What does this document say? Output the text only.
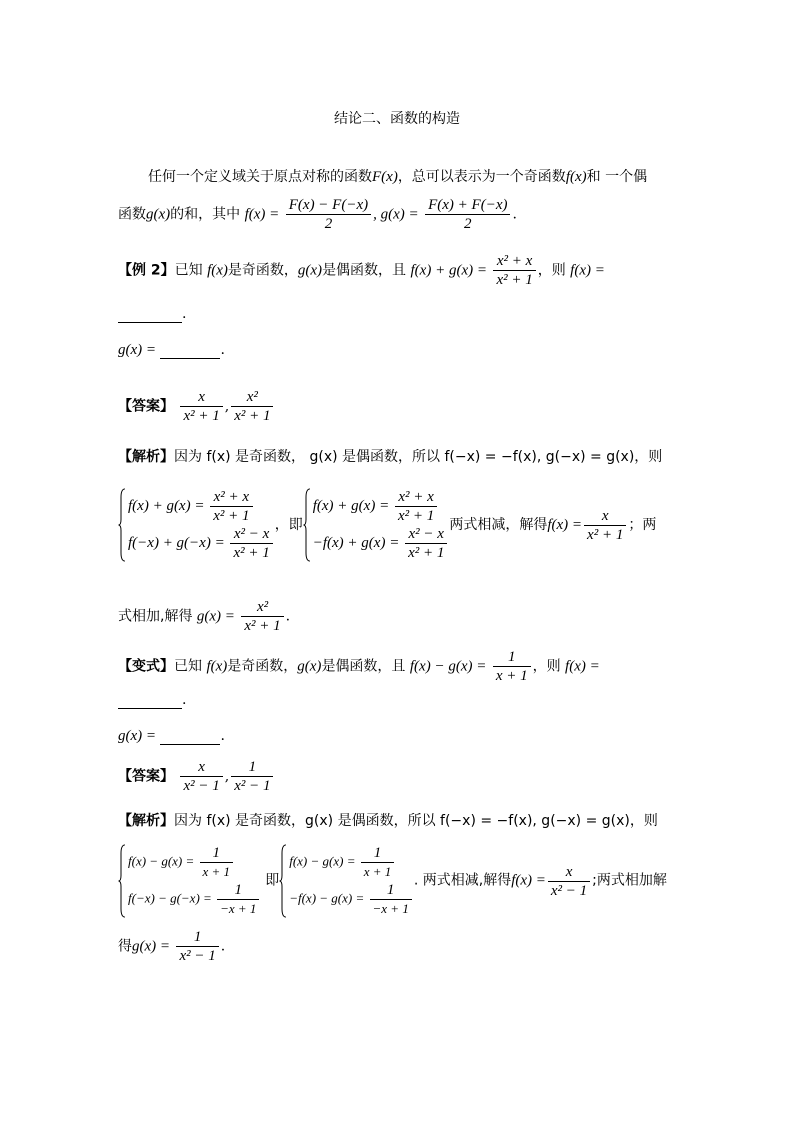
结论二、函数的构造
任何一个定义域关于原点对称的函数F(x)，总可以表示为一个奇函数f(x)和 一个偶
函数g(x)的和，其中 $f(x) = \frac{F(x) - F(-x)}{2}$ , $g(x) = \frac{F(x) + F(-x)}{2}$ .
【例 2】已知 f(x)是奇函数，g(x)是偶函数，且 $f(x) + g(x) = \frac{\text{x² + x}}{\text{x² + 1}}$ ，则 f(x) =
.
g(x) =	.
【答案】 $\frac{x}{\text{x² + 1}}$ , $\frac{\text{x²}}{\text{x² + 1}}$
【解析】因为 f(x) 是奇函数， g(x) 是偶函数，所以 f(−x) = −f(x), g(−x) = g(x)，则
$f(x) + g(x) = \frac{\text{x² + x}}{\text{x² + 1}}$
$f(-x) + g(-x) = \frac{\text{x² − x}}{\text{x² + 1}}$ ，即
$f(x) + g(x) = \frac{\text{x² + x}}{\text{x² + 1}}$
$-f(x) + g(x) = \frac{\text{x² − x}}{\text{x² + 1}}$ 两式相减，解得$f(x) = \frac{x}{\text{x² + 1}}$ ；两
式相加,解得 $g(x) = \frac{\text{x²}}{\text{x² + 1}}$ .
【变式】已知 f(x)是奇函数，g(x)是偶函数，且 $f(x) - g(x) = \frac{1}{x + 1}$ ，则 f(x) =
.
g(x) =	.
【答案】 $\frac{x}{\text{x² − 1}}$ , $\frac{1}{\text{x² − 1}}$
【解析】因为 f(x) 是奇函数，g(x) 是偶函数，所以 f(−x) = −f(x), g(−x) = g(x)，则
$f(x) - g(x) = \frac{1}{x + 1}$
$f(-x) - g(-x) = \frac{1}{-x + 1}$
即
$f(x) - g(x) = \frac{1}{x + 1}$
$-f(x) - g(x) = \frac{1}{-x + 1}$
. 两式相减,解得$f(x) = \frac{x}{\text{x² − 1}}$ ;两式相加解
得$g(x) = \frac{1}{\text{x² − 1}}$ .
